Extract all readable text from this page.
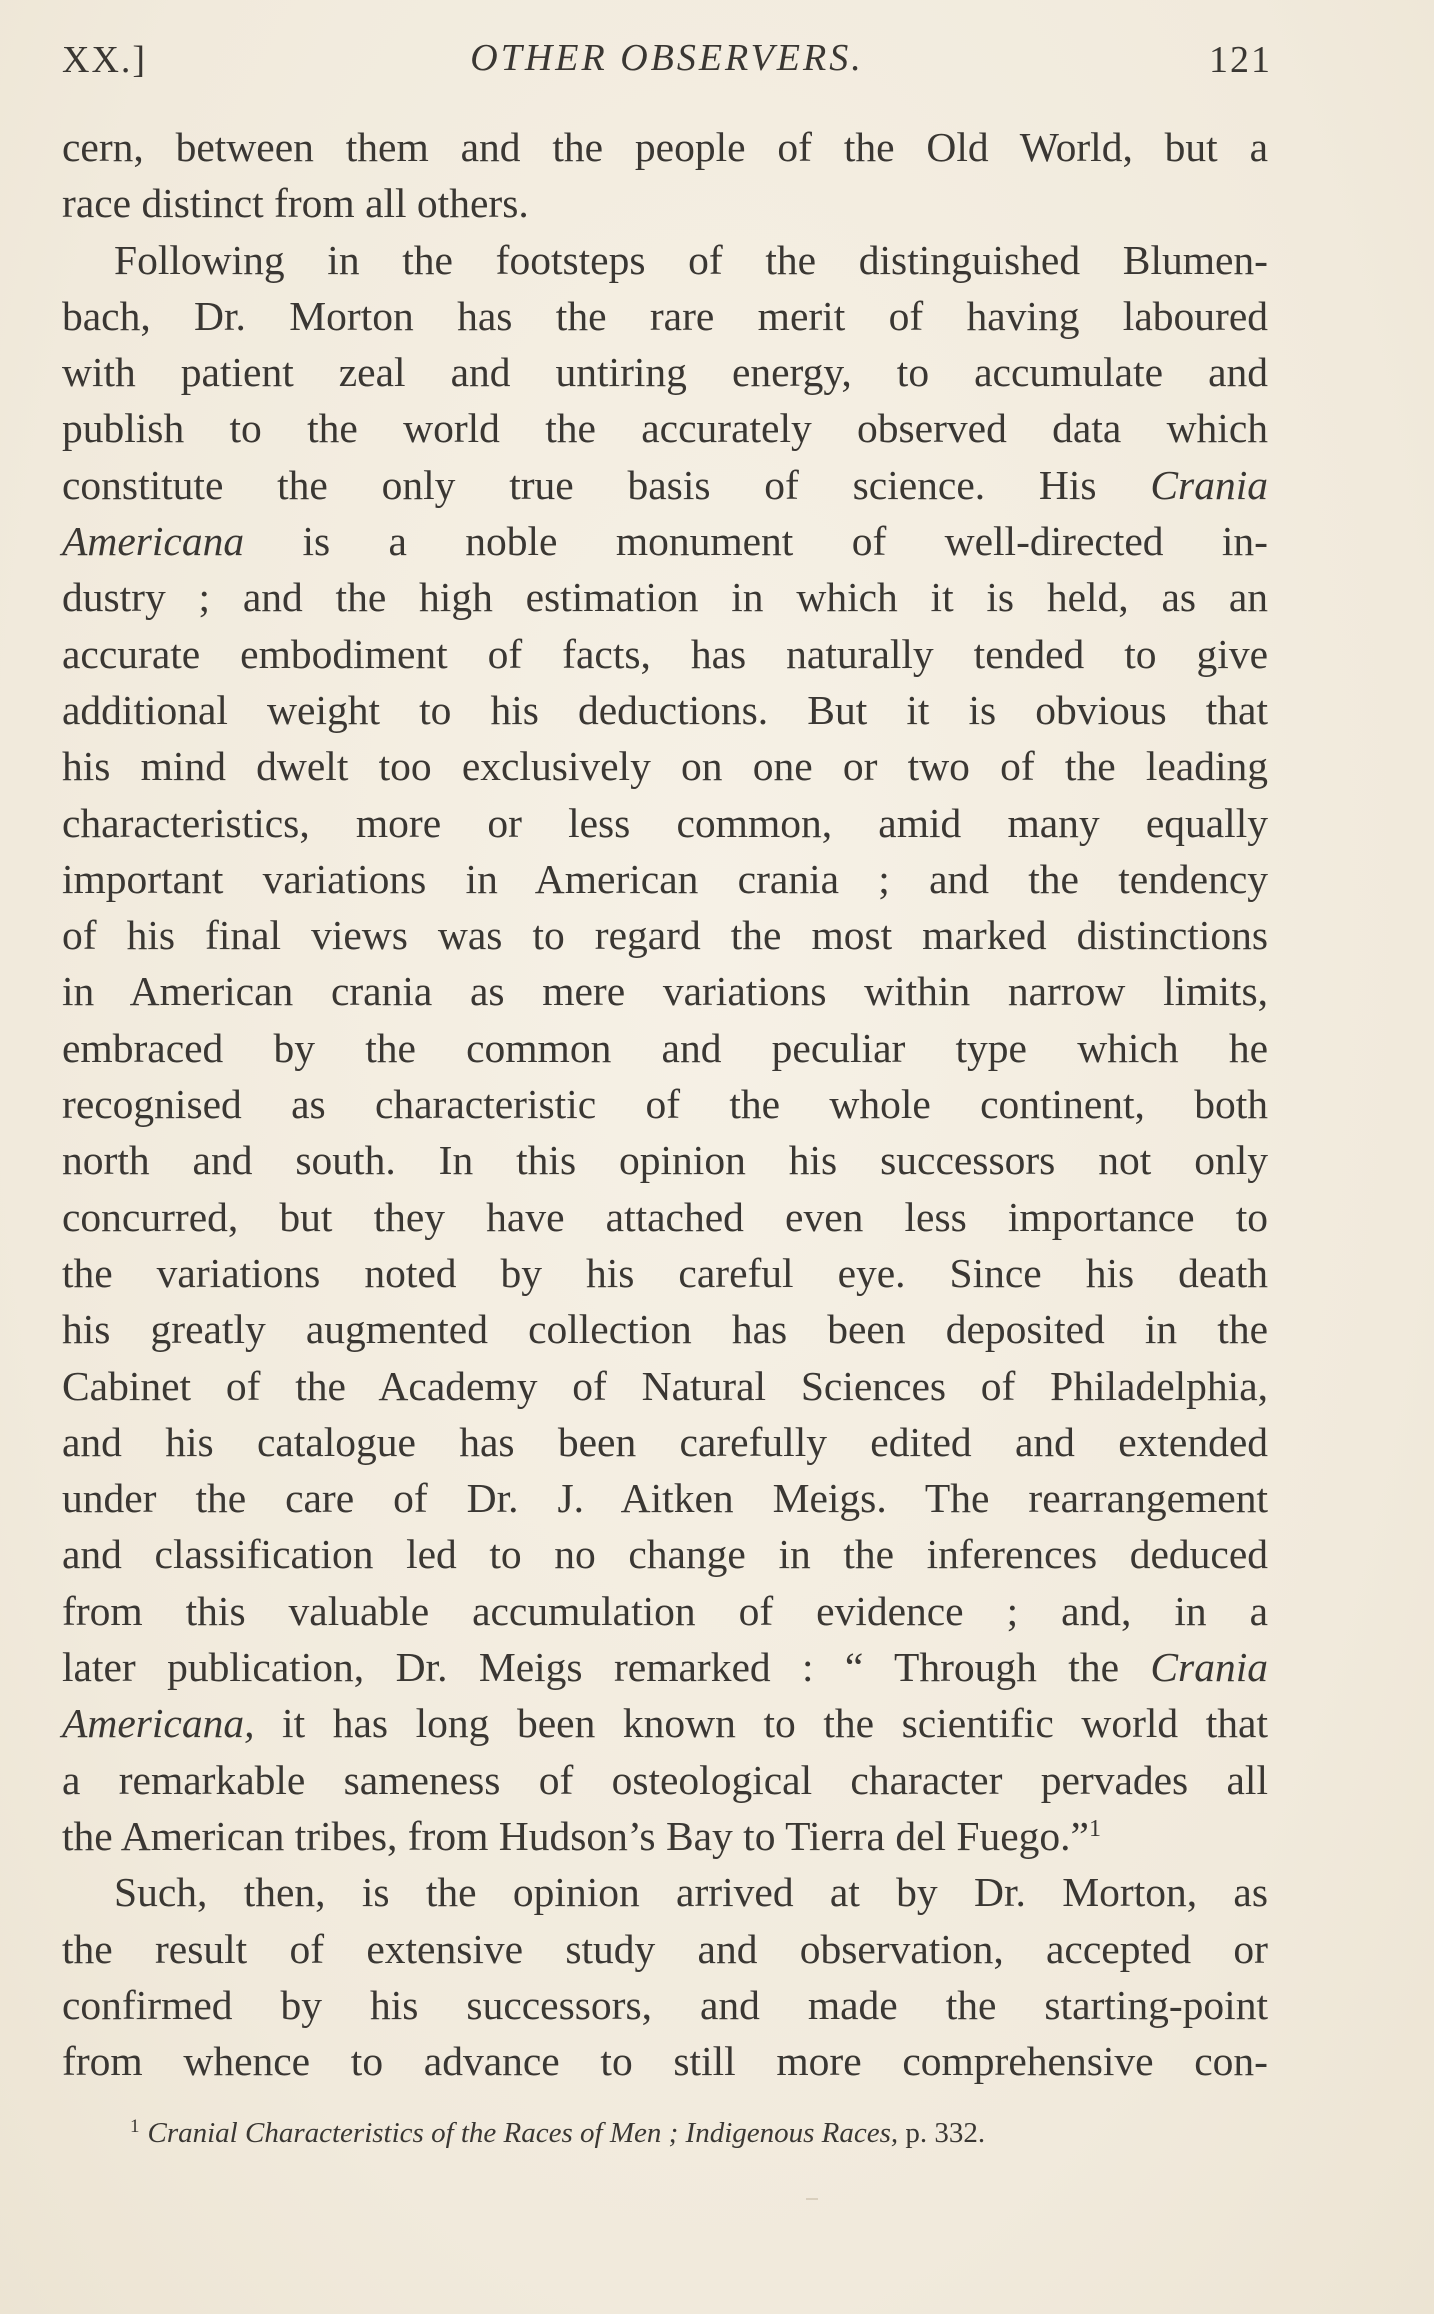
XX.]	OTHER OBSERVERS.	121
cern, between them and the people of the Old World, but a
race distinct from all others.
Following in the footsteps of the distinguished Blumen-
bach, Dr. Morton has the rare merit of having laboured
with patient zeal and untiring energy, to accumulate and
publish to the world the accurately observed data which
constitute the only true basis of science. His Crania
Americana is a noble monument of well-directed in-
dustry ; and the high estimation in which it is held, as an
accurate embodiment of facts, has naturally tended to give
additional weight to his deductions. But it is obvious that
his mind dwelt too exclusively on one or two of the leading
characteristics, more or less common, amid many equally
important variations in American crania ; and the tendency
of his final views was to regard the most marked distinctions
in American crania as mere variations within narrow limits,
embraced by the common and peculiar type which he
recognised as characteristic of the whole continent, both
north and south. In this opinion his successors not only
concurred, but they have attached even less importance to
the variations noted by his careful eye. Since his death
his greatly augmented collection has been deposited in the
Cabinet of the Academy of Natural Sciences of Philadelphia,
and his catalogue has been carefully edited and extended
under the care of Dr. J. Aitken Meigs. The rearrangement
and classification led to no change in the inferences deduced
from this valuable accumulation of evidence ; and, in a
later publication, Dr. Meigs remarked : “ Through the Crania
Americana, it has long been known to the scientific world that
a remarkable sameness of osteological character pervades all
the American tribes, from Hudson’s Bay to Tierra del Fuego.”$^1$
Such, then, is the opinion arrived at by Dr. Morton, as
the result of extensive study and observation, accepted or
confirmed by his successors, and made the starting-point
from whence to advance to still more comprehensive con-
$^1$ Cranial Characteristics of the Races of Men ; Indigenous Races, p. 332.
